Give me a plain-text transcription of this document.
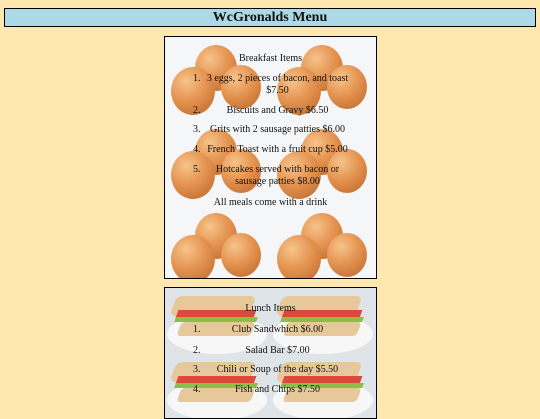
WcGronalds Menu
Breakfast Items
1. 3 eggs, 2 pieces of bacon, and toast $7.50
2.	Biscuits and Gravy $6.50
3. Grits with 2 sausage patties $6.00
4. French Toast with a fruit cup $5.00
5.	Hotcakes served with bacon or sausage patties $8.00
All meals come with a drink
Lunch Items
1.	Club Sandwhich $6.00
2.	Salad Bar $7.00
3.	Chili or Soup of the day $5.50
4.	Fish and Chips $7.50
